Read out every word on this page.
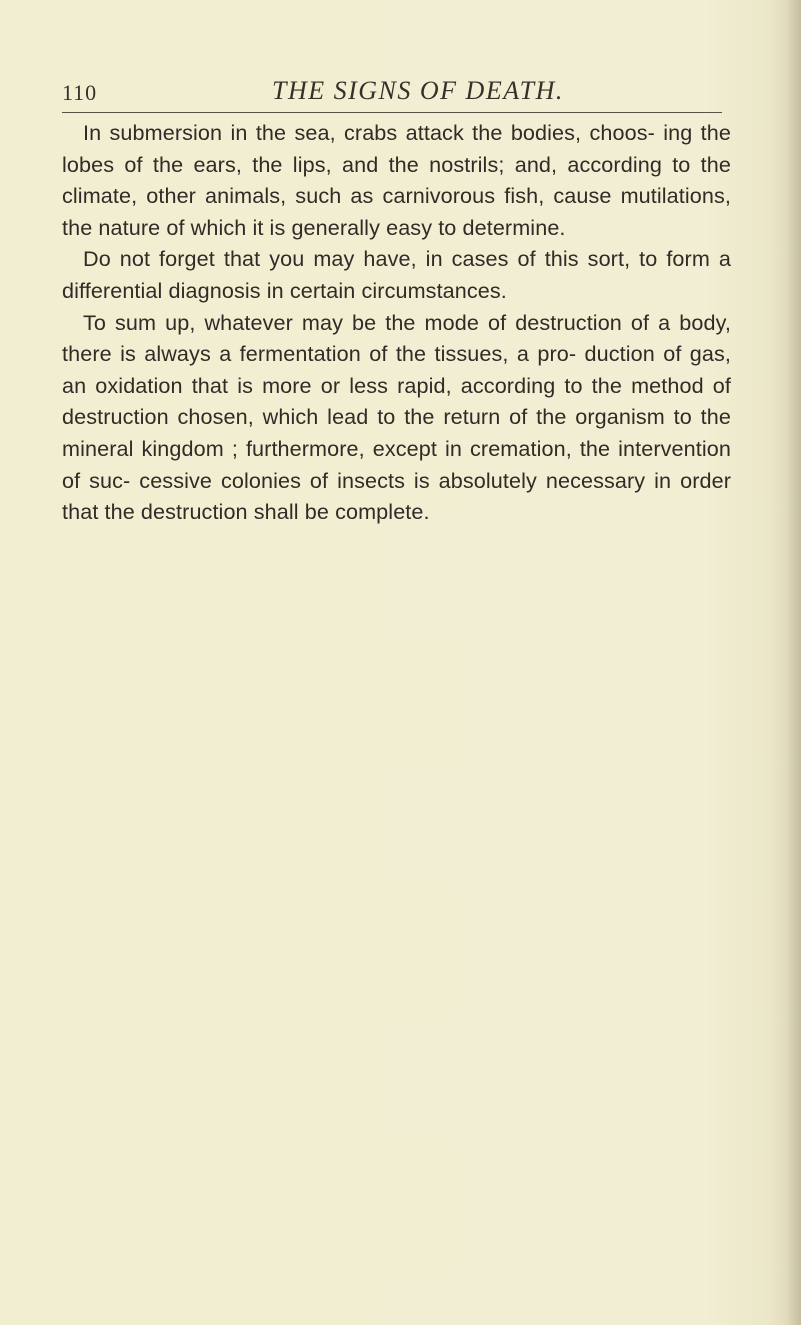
110	THE SIGNS OF DEATH.

In submersion in the sea, crabs attack the bodies, choos- ing the lobes of the ears, the lips, and the nostrils; and, according to the climate, other animals, such as carnivorous fish, cause mutilations, the nature of which it is generally easy to determine.

Do not forget that you may have, in cases of this sort, to form a differential diagnosis in certain circumstances.

To sum up, whatever may be the mode of destruction of a body, there is always a fermentation of the tissues, a pro- duction of gas, an oxidation that is more or less rapid, according to the method of destruction chosen, which lead to the return of the organism to the mineral kingdom ; furthermore, except in cremation, the intervention of suc- cessive colonies of insects is absolutely necessary in order that the destruction shall be complete.
